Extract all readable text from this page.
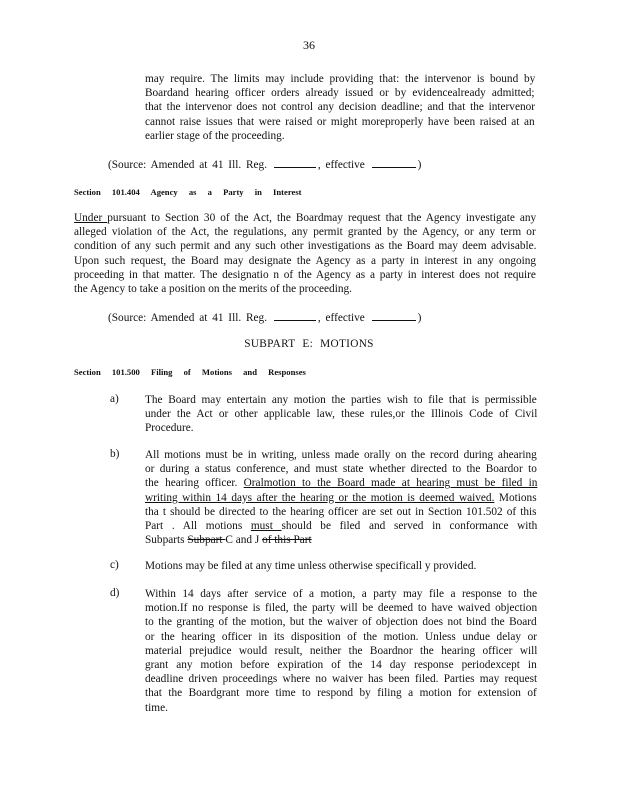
36
may require. The limits may include providing that: the intervenor is bound by
Boardand hearing officer orders already issued or by evidencealready admitted;
that the intervenor does not control any decision deadline; and that the intervenor
cannot raise issues that were raised or might moreproperly have been raised at an
earlier stage of the proceeding.
(Source: Amended at 41 Ill. Reg.	, effective	)
Section 101.404 Agency as a Party in Interest
Under pursuant to Section 30 of the Act, the Boardmay request that the Agency investigate any
alleged violation of the Act, the regulations, any permit granted by the Agency, or any term or
condition of any such permit and any such other investigations as the Board may deem advisable.
Upon such request, the Board may designate the Agency as a party in interest in any ongoing
proceeding in that matter. The designatio n of the Agency as a party in interest does not require
the Agency to take a position on the merits of the proceeding.
(Source: Amended at 41 Ill. Reg.	, effective	)
SUBPART E: MOTIONS
Section 101.500 Filing of Motions and Responses
a) The Board may entertain any motion the parties wish to file that is permissible
under the Act or other applicable law, these rules,or the Illinois Code of Civil
Procedure.
b) All motions must be in writing, unless made orally on the record during ahearing
or during a status conference, and must state whether directed to the Boardor to
the hearing officer. Oralmotion to the Board made at hearing must be filed in
writing within 14 days after the hearing or the motion is deemed waived. Motions
tha t should be directed to the hearing officer are set out in Section 101.502 of this
Part . All motions must should be filed and served in conformance with
Subparts Subpart C and J of this Part
c) Motions may be filed at any time unless otherwise specificall y provided.
d) Within 14 days after service of a motion, a party may file a response to the
motion.If no response is filed, the party will be deemed to have waived objection
to the granting of the motion, but the waiver of objection does not bind the Board
or the hearing officer in its disposition of the motion. Unless undue delay or
material prejudice would result, neither the Boardnor the hearing officer will
grant any motion before expiration of the 14 day response periodexcept in
deadline driven proceedings where no waiver has been filed. Parties may request
that the Boardgrant more time to respond by filing a motion for extension of
time.
